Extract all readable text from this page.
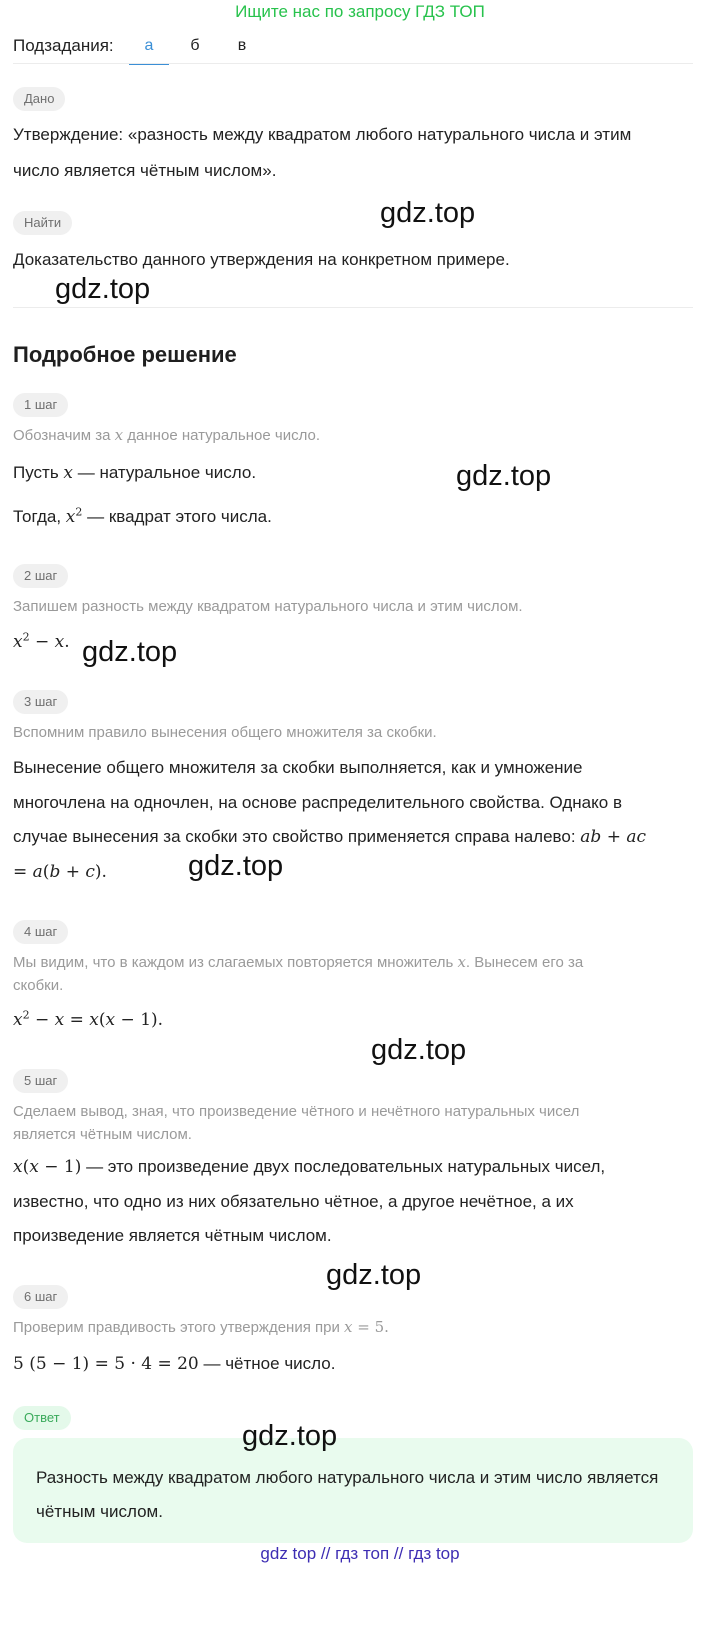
Ищите нас по запросу ГДЗ ТОП
Подзадания:	а	б	в
Дано
Утверждение: «разность между квадратом любого натурального числа и этим число является чётным числом».
Найти
Доказательство данного утверждения на конкретном примере.
Подробное решение
1 шаг
Обозначим за x данное натуральное число.
Пусть x — натуральное число.
Тогда, $x^2$ — квадрат этого числа.
2 шаг
Запишем разность между квадратом натурального числа и этим числом.
$x^2 - x$.
3 шаг
Вспомним правило вынесения общего множителя за скобки.
Вынесение общего множителя за скобки выполняется, как и умножение многочлена на одночлен, на основе распределительного свойства. Однако в случае вынесения за скобки это свойство применяется справа налево: ab + ac = a(b + c).
4 шаг
Мы видим, что в каждом из слагаемых повторяется множитель x. Вынесем его за скобки.
$x^2 - x = x(x - 1)$.
5 шаг
Сделаем вывод, зная, что произведение чётного и нечётного натуральных чисел является чётным числом.
x(x − 1) — это произведение двух последовательных натуральных чисел, известно, что одно из них обязательно чётное, а другое нечётное, а их произведение является чётным числом.
6 шаг
Проверим правдивость этого утверждения при x = 5.
5 (5 − 1) = 5 · 4 = 20 — чётное число.
Ответ
Разность между квадратом любого натурального числа и этим число является чётным числом.
gdz.top
gdz.top
gdz.top
gdz.top
gdz.top
gdz.top
gdz.top
gdz.top
gdz top // гдз топ // гдз top
